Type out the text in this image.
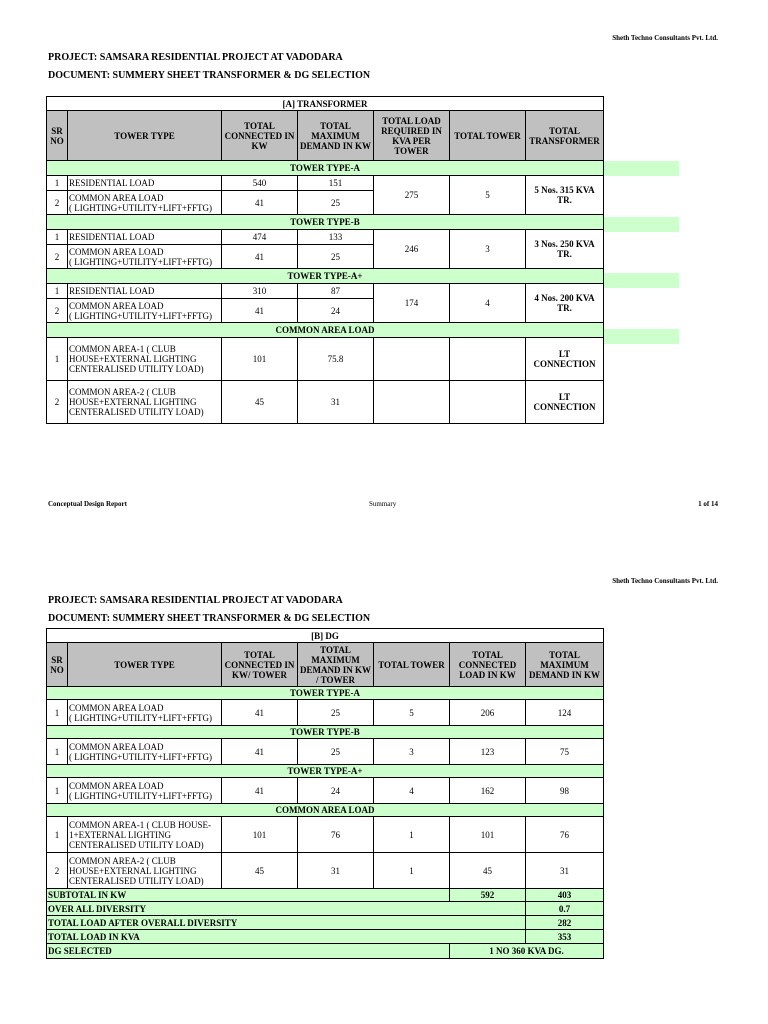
Sheth Techno Consultants Pvt. Ltd.
PROJECT: SAMSARA RESIDENTIAL PROJECT AT VADODARA
DOCUMENT: SUMMERY SHEET TRANSFORMER & DG SELECTION
[A] TRANSFORMER						
SR NO	TOWER TYPE	TOTAL CONNECTED IN KW	TOTAL MAXIMUM DEMAND IN KW	TOTAL LOAD REQUIRED IN KVA PER TOWER	TOTAL TOWER	TOTAL TRANSFORMER
TOWER TYPE-A						
1	RESIDENTIAL LOAD	540	151	275	5	5 Nos. 315 KVA TR.
2	COMMON AREA LOAD
( LIGHTING+UTILITY+LIFT+FFTG)	41	25			
TOWER TYPE-B						
1	RESIDENTIAL LOAD	474	133	246	3	3 Nos. 250 KVA TR.
2	COMMON AREA LOAD
( LIGHTING+UTILITY+LIFT+FFTG)	41	25			
TOWER TYPE-A+						
1	RESIDENTIAL LOAD	310	87	174	4	4 Nos. 200 KVA TR.
2	COMMON AREA LOAD
( LIGHTING+UTILITY+LIFT+FFTG)	41	24			
COMMON AREA LOAD						
1	COMMON AREA-1 ( CLUB HOUSE+EXTERNAL LIGHTING CENTERALISED UTILITY LOAD)	101	75.8			LT CONNECTION
2	COMMON AREA-2 ( CLUB HOUSE+EXTERNAL LIGHTING CENTERALISED UTILITY LOAD)	45	31			LT CONNECTION
Conceptual Design Report	Summary	1 of 14
Sheth Techno Consultants Pvt. Ltd.
PROJECT: SAMSARA RESIDENTIAL PROJECT AT VADODARA
DOCUMENT: SUMMERY SHEET TRANSFORMER & DG SELECTION
[B] DG						
SR NO	TOWER TYPE	TOTAL CONNECTED IN KW/ TOWER	TOTAL MAXIMUM DEMAND IN KW / TOWER	TOTAL TOWER	TOTAL CONNECTED LOAD IN KW	TOTAL MAXIMUM DEMAND IN KW
TOWER TYPE-A						
1	COMMON AREA LOAD
( LIGHTING+UTILITY+LIFT+FFTG)	41	25	5	206	124
TOWER TYPE-B						
1	COMMON AREA LOAD
( LIGHTING+UTILITY+LIFT+FFTG)	41	25	3	123	75
TOWER TYPE-A+						
1	COMMON AREA LOAD
( LIGHTING+UTILITY+LIFT+FFTG)	41	24	4	162	98
COMMON AREA LOAD						
1	COMMON AREA-1 ( CLUB HOUSE-1+EXTERNAL LIGHTING CENTERALISED UTILITY LOAD)	101	76	1	101	76
2	COMMON AREA-2 ( CLUB HOUSE+EXTERNAL LIGHTING CENTERALISED UTILITY LOAD)	45	31	1	45	31
SUBTOTAL IN KW					592	403
OVER ALL DIVERSITY						0.7
TOTAL LOAD AFTER OVERALL DIVERSITY						282
TOTAL LOAD IN KVA						353
DG SELECTED					1 NO 360 KVA DG.	
